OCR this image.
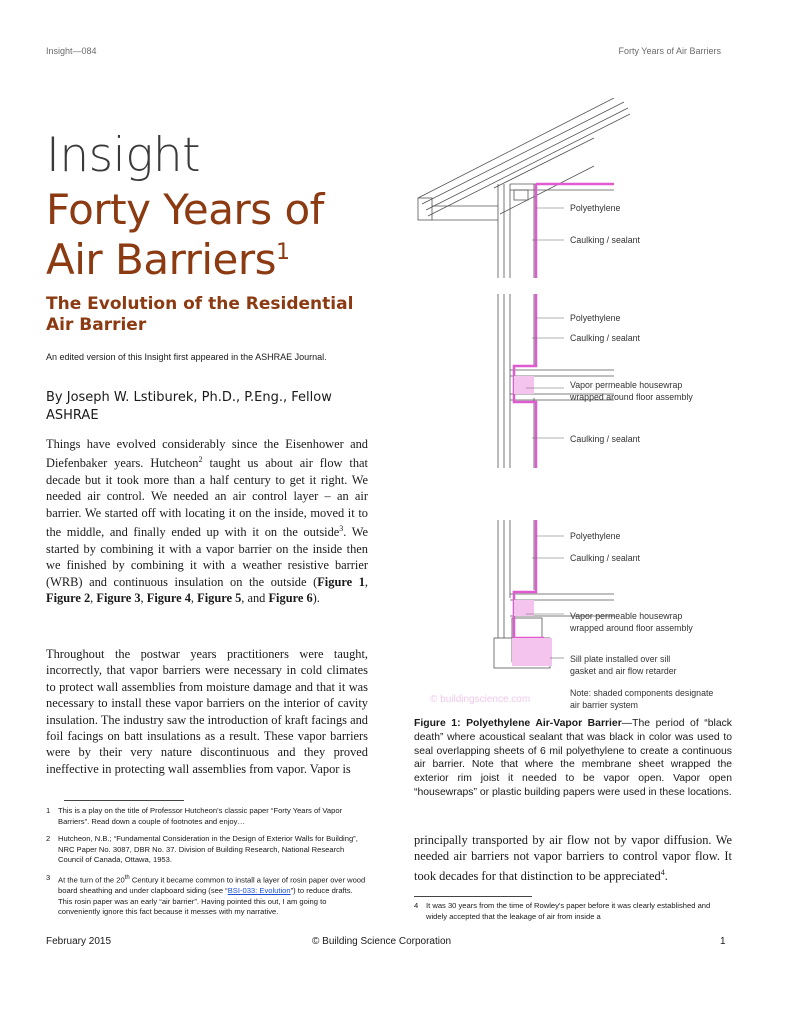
Insight—084	Forty Years of Air Barriers
Insight
Forty Years of
Air Barriers$^1$
The Evolution of the Residential
Air Barrier
An edited version of this Insight first appeared in the ASHRAE Journal.
By Joseph W. Lstiburek, Ph.D., P.Eng., Fellow ASHRAE

Things have evolved considerably since the Eisenhower and Diefenbaker years. Hutcheon$^2$ taught us about air flow that decade but it took more than a half century to get it right. We needed air control. We needed an air control layer – an air barrier. We started off with locating it on the inside, moved it to the middle, and finally ended up with it on the outside$^3$. We started by combining it with a vapor barrier on the inside then we finished by combining it with a weather resistive barrier (WRB) and continuous insulation on the outside (Figure 1, Figure 2, Figure 3, Figure 4, Figure 5, and Figure 6).

Throughout the postwar years practitioners were taught, incorrectly, that vapor barriers were necessary in cold climates to protect wall assemblies from moisture damage and that it was necessary to install these vapor barriers on the interior of cavity insulation. The industry saw the introduction of kraft facings and foil facings on batt insulations as a result. These vapor barriers were by their very nature discontinuous and they proved ineffective in protecting wall assemblies from vapor. Vapor is

1	This is a play on the title of Professor Hutcheon's classic paper “Forty Years of Vapor Barriers”. Read down a couple of footnotes and enjoy…

2	Hutcheon, N.B.; “Fundamental Consideration in the Design of Exterior Walls for Building”, NRC Paper No. 3087, DBR No. 37. Division of Building Research, National Research Council of Canada, Ottawa, 1953.

3	At the turn of the 20th Century it became common to install a layer of rosin paper over wood board sheathing and under clapboard siding (see “BSI-033: Evolution”) to reduce drafts. This rosin paper was an early “air barrier”. Having pointed this out, I am going to conveniently ignore this fact because it messes with my narrative.

Polyethylene
Caulking / sealant
Polyethylene
Caulking / sealant
Vapor permeable housewrap
wrapped around floor assembly
Caulking / sealant
Polyethylene
Caulking / sealant
Vapor permeable housewrap
wrapped around floor assembly
Sill plate installed over sill
gasket and air flow retarder
Note: shaded components designate
air barrier system
© buildingscience.com
Figure 1: Polyethylene Air-Vapor Barrier—The period of “black death” where acoustical sealant that was black in color was used to seal overlapping sheets of 6 mil polyethylene to create a continuous air barrier. Note that where the membrane sheet wrapped the exterior rim joist it needed to be vapor open. Vapor open “housewraps” or plastic building papers were used in these locations.

principally transported by air flow not by vapor diffusion. We needed air barriers not vapor barriers to control vapor flow. It took decades for that distinction to be appreciated$^4$.

4	It was 30 years from the time of Rowley's paper before it was clearly established and widely accepted that the leakage of air from inside a

February 2015	© Building Science Corporation	1
